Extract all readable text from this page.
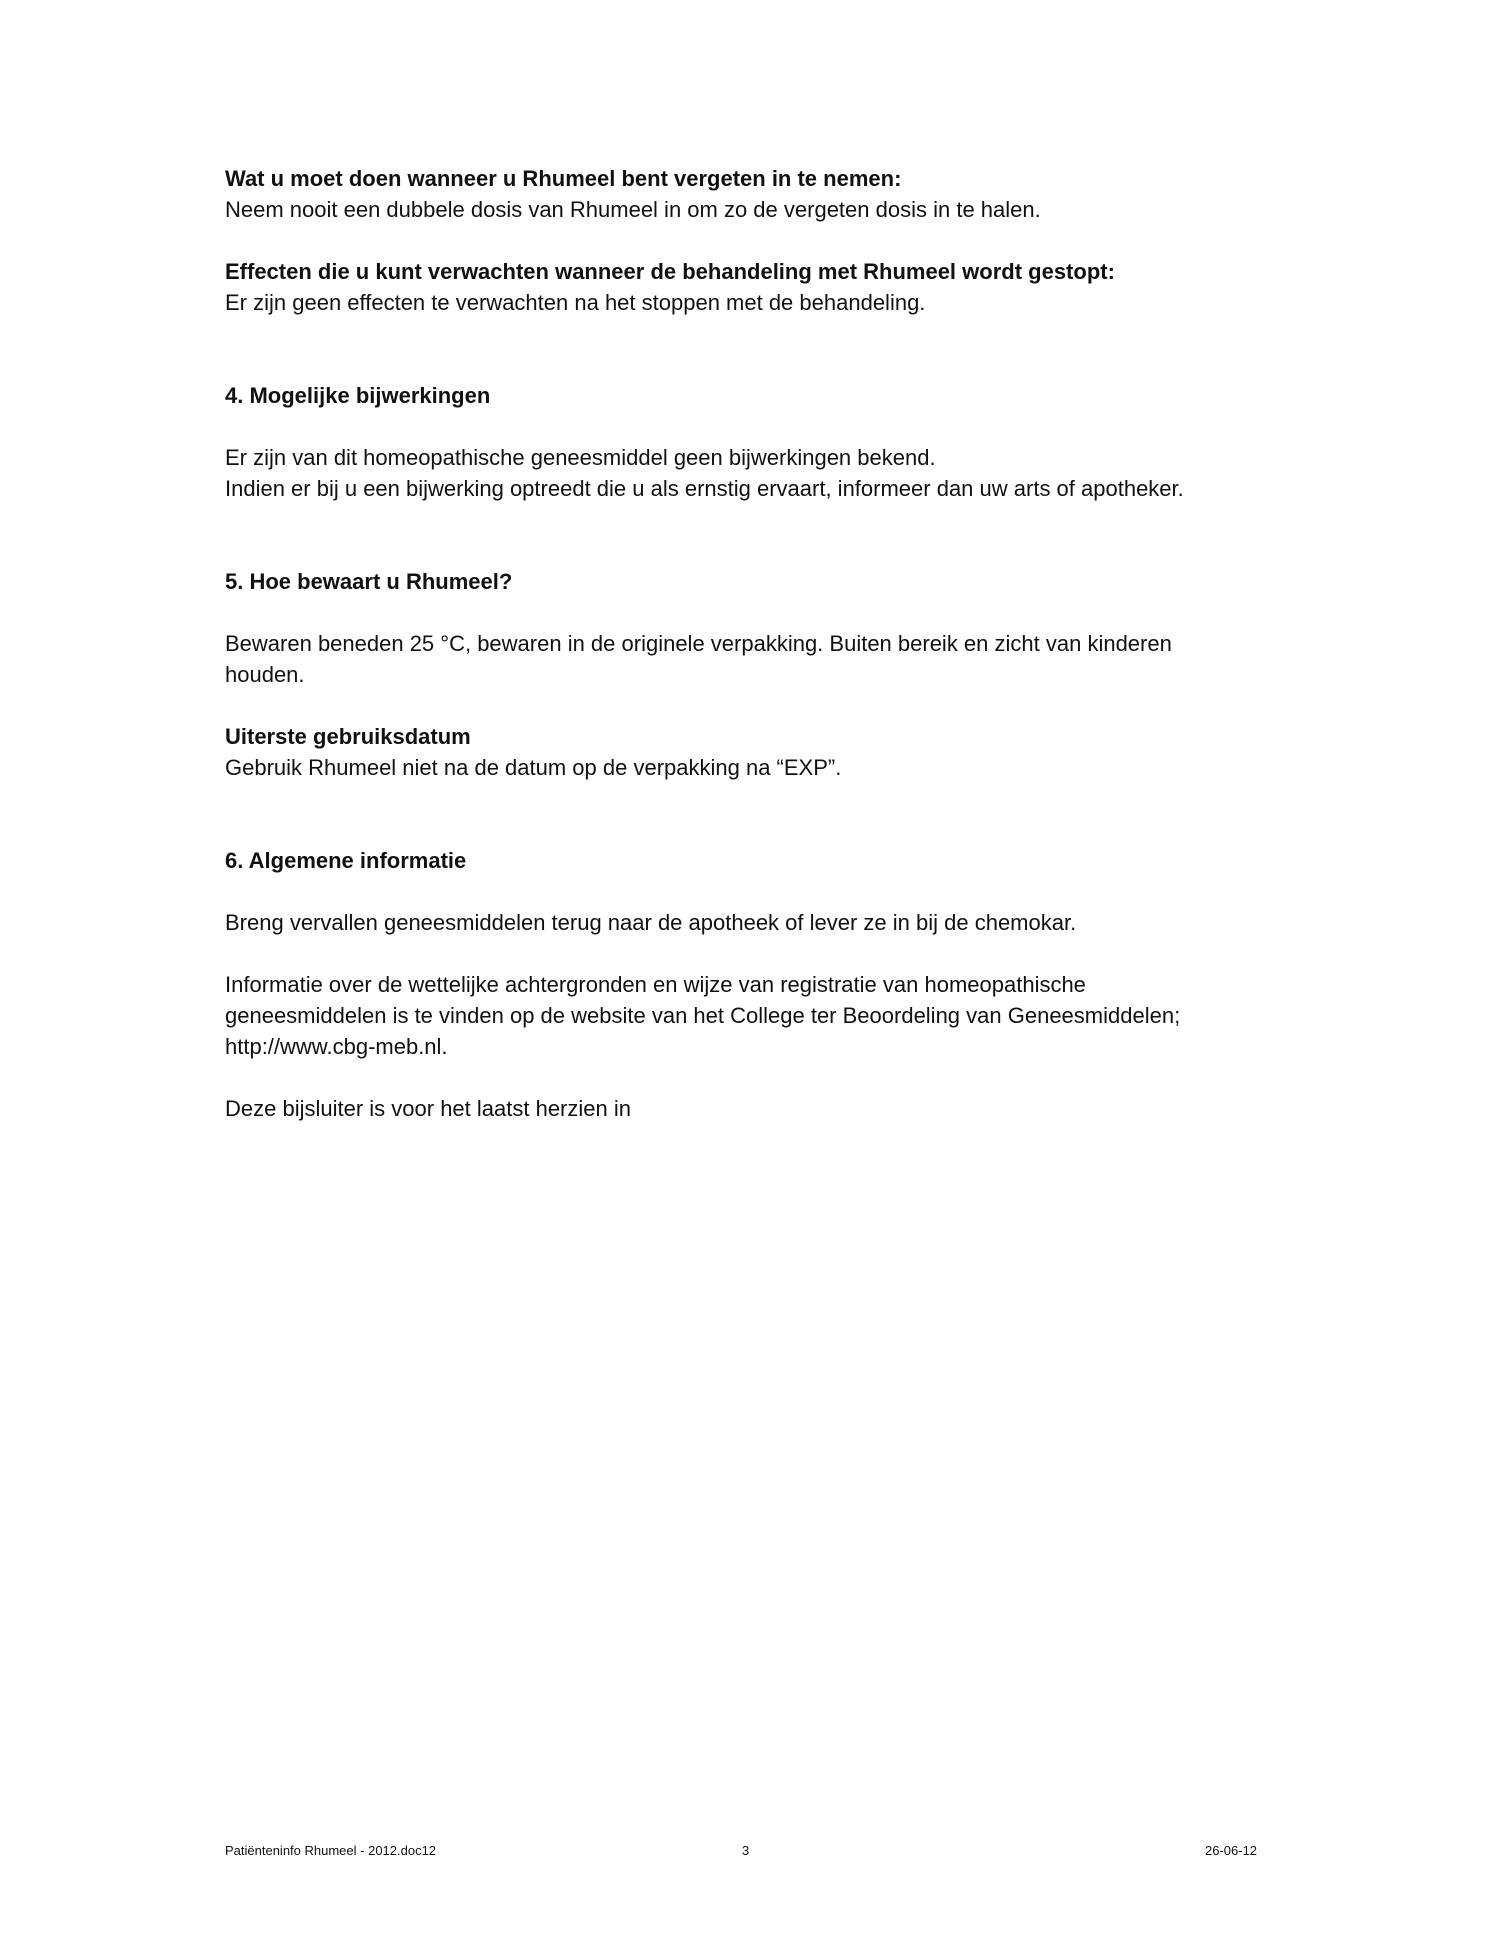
Wat u moet doen wanneer u Rhumeel bent vergeten in te nemen:

Neem nooit een dubbele dosis van Rhumeel in om zo de vergeten dosis in te halen.

Effecten die u kunt verwachten wanneer de behandeling met Rhumeel wordt gestopt:

Er zijn geen effecten te verwachten na het stoppen met de behandeling.

4. Mogelijke bijwerkingen

Er zijn van dit homeopathische geneesmiddel geen bijwerkingen bekend.

Indien er bij u een bijwerking optreedt die u als ernstig ervaart, informeer dan uw arts of apotheker.

5. Hoe bewaart u Rhumeel?

Bewaren beneden 25 °C, bewaren in de originele verpakking. Buiten bereik en zicht van kinderen

houden.

Uiterste gebruiksdatum

Gebruik Rhumeel niet na de datum op de verpakking na “EXP”.

6. Algemene informatie

Breng vervallen geneesmiddelen terug naar de apotheek of lever ze in bij de chemokar.

Informatie over de wettelijke achtergronden en wijze van registratie van homeopathische

geneesmiddelen is te vinden op de website van het College ter Beoordeling van Geneesmiddelen;

http://www.cbg-meb.nl.

Deze bijsluiter is voor het laatst herzien in

Patiënteninfo Rhumeel - 2012.doc12	3	26-06-12
